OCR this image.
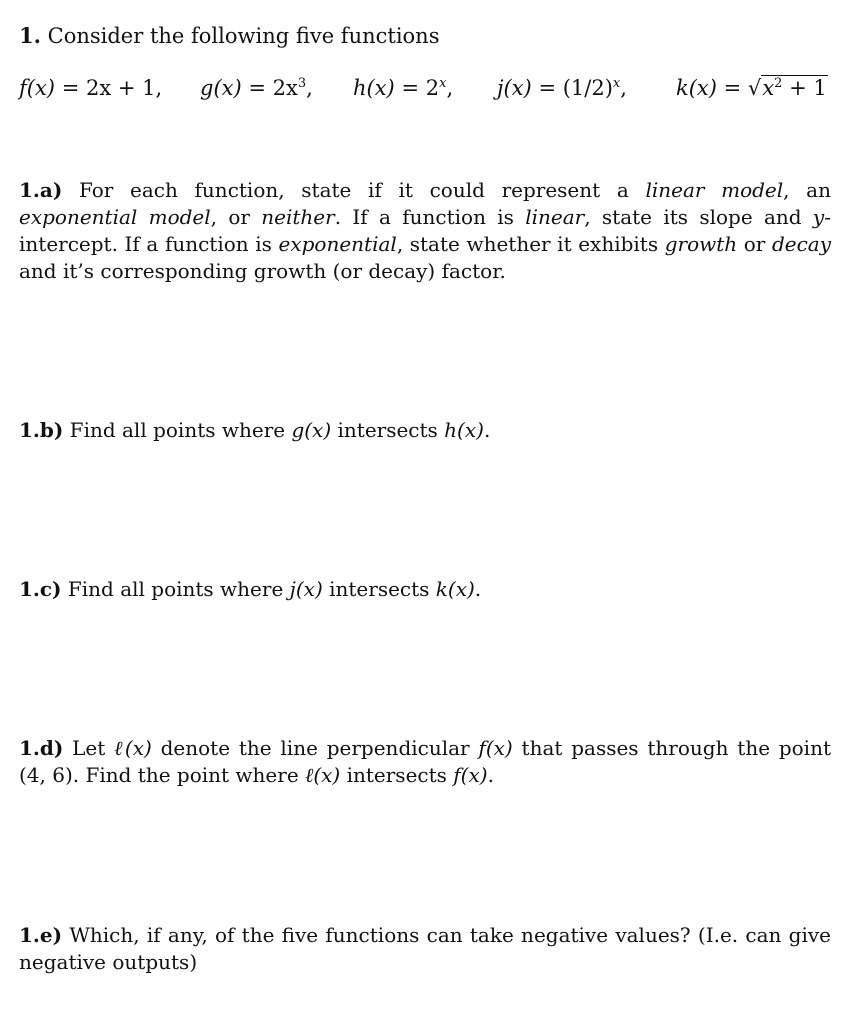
1. Consider the following five functions
f(x) = 2x + 1, $g(x) = 2x^3$, $h(x) = 2^x$, $j(x) = (1/2)^x$, $k(x) = √x^2 + 1$
1.a) For each function, state if it could represent a linear model, an exponential model, or neither. If a function is linear, state its slope and y-intercept. If a function is exponential, state whether it exhibits growth or decay and it’s corresponding growth (or decay) factor.
1.b) Find all points where g(x) intersects h(x).
1.c) Find all points where j(x) intersects k(x).
1.d) Let ℓ(x) denote the line perpendicular f(x) that passes through the point (4, 6). Find the point where ℓ(x) intersects f(x).
1.e) Which, if any, of the five functions can take negative values? (I.e. can give negative outputs)
